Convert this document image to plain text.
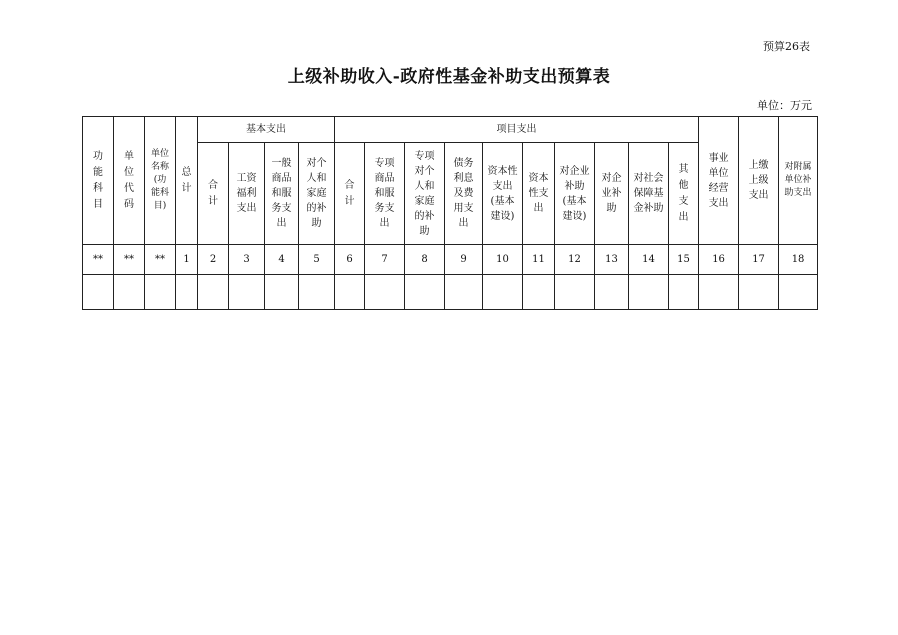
预算26表
上级补助收入-政府性基金补助支出预算表
单位：万元
功能科目	单位代码	单位名称(功能科目)	总计	基本支出				项目支出										事业单位经营支出	上缴上级支出	对附属单位补助支出
				合计	工资福利支出	一般商品和服务支出	对个人和家庭的补助	合计	专项商品和服务支出	专项对个人和家庭的补助	债务利息及费用支出	资本性支出(基本建设)	资本性支出	对企业补助(基本建设)	对企业补助	对社会保障基金补助	其他支出			
**	**	**	1	2	3	4	5	6	7	8	9	10	11	12	13	14	15	16	17	18
